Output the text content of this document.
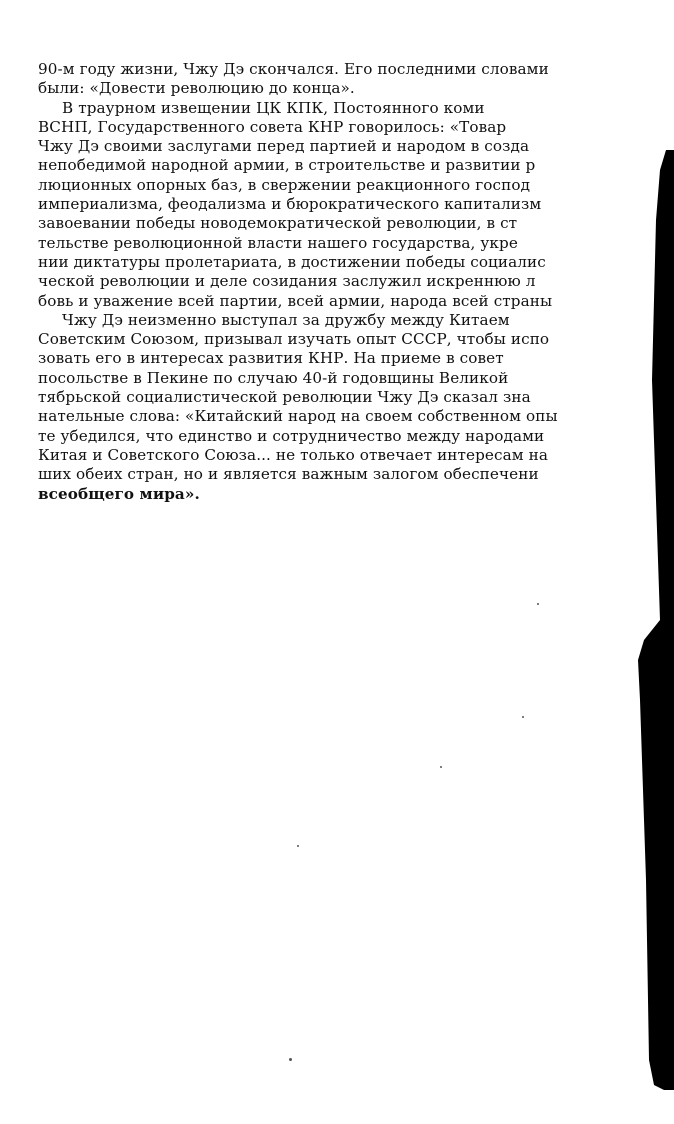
90-м году жизни, Чжу Дэ скончался. Его последними словами
были: «Довести революцию до конца».
В траурном извещении ЦК КПК, Постоянного коми
ВСНП, Государственного совета КНР говорилось: «Товар
Чжу Дэ своими заслугами перед партией и народом в созда
непобедимой народной армии, в строительстве и развитии р
люционных опорных баз, в свержении реакционного господ
империализма, феодализма и бюрократического капитализм
завоевании победы новодемократической революции, в ст
тельстве революционной власти нашего государства, укре
нии диктатуры пролетариата, в достижении победы социалис
ческой революции и деле созидания заслужил искреннюю л
бовь и уважение всей партии, всей армии, народа всей страны
Чжу Дэ неизменно выступал за дружбу между Китаем
Советским Союзом, призывал изучать опыт СССР, чтобы испо
зовать его в интересах развития КНР. На приеме в совет
посольстве в Пекине по случаю 40-й годовщины Великой
тябрьской социалистической революции Чжу Дэ сказал зна
нательные слова: «Китайский народ на своем собственном опы
те убедился, что единство и сотрудничество между народами
Китая и Советского Союза... не только отвечает интересам на
ших обеих стран, но и является важным залогом обеспечени
всеобщего мира».
